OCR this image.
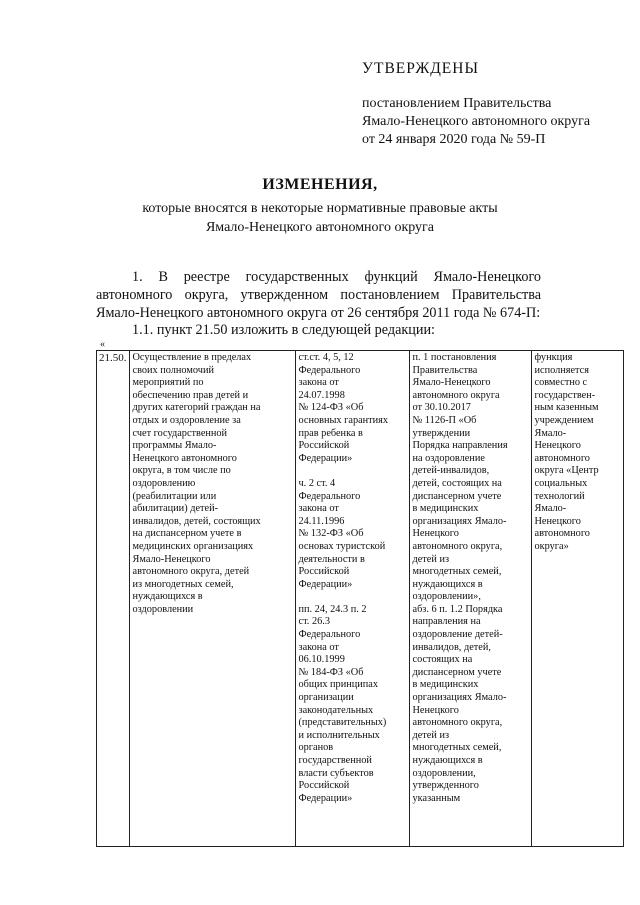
УТВЕРЖДЕНЫ
постановлением Правительства
Ямало-Ненецкого автономного округа
от 24 января 2020 года № 59-П
ИЗМЕНЕНИЯ,
которые вносятся в некоторые нормативные правовые акты
Ямало-Ненецкого автономного округа
1. В реестре государственных функций Ямало-Ненецкого автономного округа, утвержденном постановлением Правительства Ямало-Ненецкого автономного округа от 26 сентября 2011 года № 674-П:
1.1. пункт 21.50 изложить в следующей редакции:
«
21.50.	Осуществление в пределах
своих полномочий
мероприятий по
обеспечению прав детей и
других категорий граждан на
отдых и оздоровление за
счет государственной
программы Ямало-
Ненецкого автономного
округа, в том числе по
оздоровлению
(реабилитации или
абилитации) детей-
инвалидов, детей, состоящих
на диспансерном учете в
медицинских организациях
Ямало-Ненецкого
автономного округа, детей
из многодетных семей,
нуждающихся в
оздоровлении	ст.ст. 4, 5, 12
Федерального
закона от
24.07.1998
№ 124-ФЗ «Об
основных гарантиях
прав ребенка в
Российской
Федерации»

ч. 2 ст. 4
Федерального
закона от
24.11.1996
№ 132-ФЗ «Об
основах туристской
деятельности в
Российской
Федерации»

пп. 24, 24.3 п. 2
ст. 26.3
Федерального
закона от
06.10.1999
№ 184-ФЗ «Об
общих принципах
организации
законодательных
(представительных)
и исполнительных
органов
государственной
власти субъектов
Российской
Федерации»	п. 1 постановления
Правительства
Ямало-Ненецкого
автономного округа
от 30.10.2017
№ 1126-П «Об
утверждении
Порядка направления
на оздоровление
детей-инвалидов,
детей, состоящих на
диспансерном учете
в медицинских
организациях Ямало-
Ненецкого
автономного округа,
детей из
многодетных семей,
нуждающихся в
оздоровлении»,
абз. 6 п. 1.2 Порядка
направления на
оздоровление детей-
инвалидов, детей,
состоящих на
диспансерном учете
в медицинских
организациях Ямало-
Ненецкого
автономного округа,
детей из
многодетных семей,
нуждающихся в
оздоровлении,
утвержденного
указанным	функция
исполняется
совместно с
государствен-
ным казенным
учреждением
Ямало-
Ненецкого
автономного
округа «Центр
социальных
технологий
Ямало-
Ненецкого
автономного
округа»
